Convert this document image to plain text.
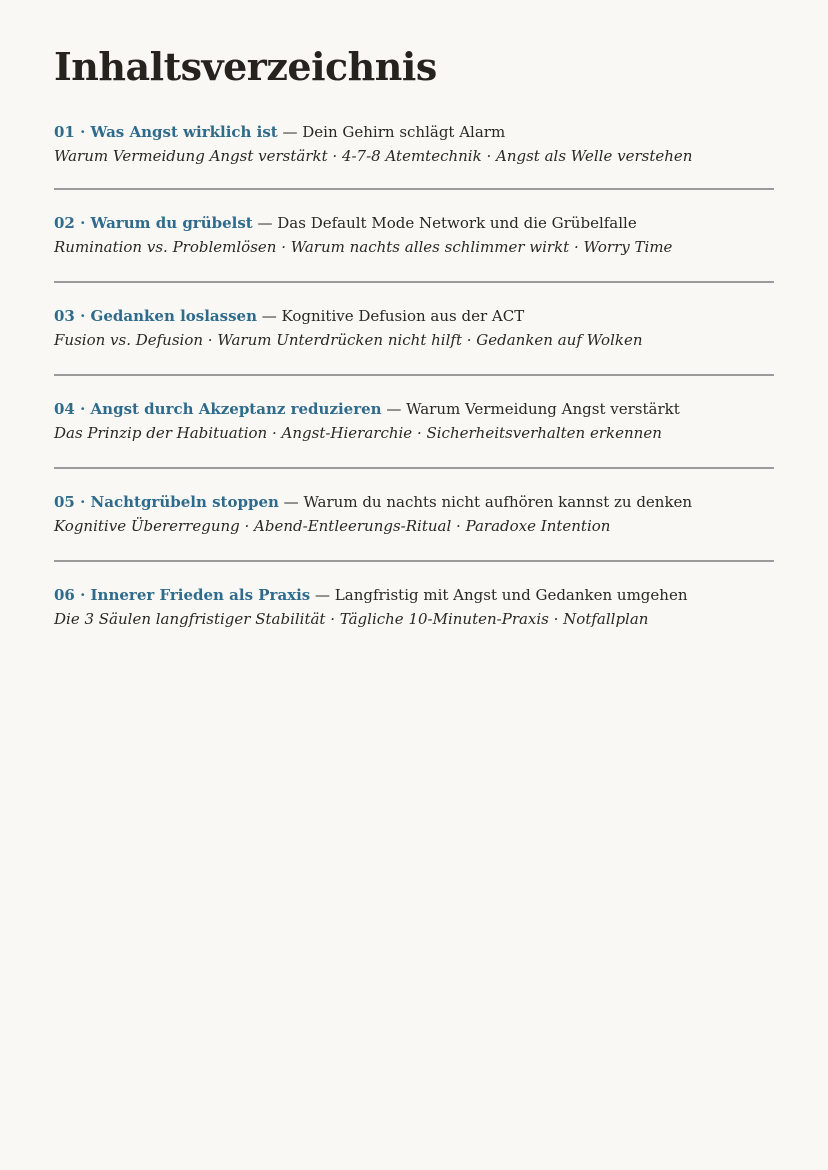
Inhaltsverzeichnis
01 · Was Angst wirklich ist — Dein Gehirn schlägt Alarm
Warum Vermeidung Angst verstärkt · 4-7-8 Atemtechnik · Angst als Welle verstehen
02 · Warum du grübelst — Das Default Mode Network und die Grübelfalle
Rumination vs. Problemlösen · Warum nachts alles schlimmer wirkt · Worry Time
03 · Gedanken loslassen — Kognitive Defusion aus der ACT
Fusion vs. Defusion · Warum Unterdrücken nicht hilft · Gedanken auf Wolken
04 · Angst durch Akzeptanz reduzieren — Warum Vermeidung Angst verstärkt
Das Prinzip der Habituation · Angst-Hierarchie · Sicherheitsverhalten erkennen
05 · Nachtgrübeln stoppen — Warum du nachts nicht aufhören kannst zu denken
Kognitive Übererregung · Abend-Entleerungs-Ritual · Paradoxe Intention
06 · Innerer Frieden als Praxis — Langfristig mit Angst und Gedanken umgehen
Die 3 Säulen langfristiger Stabilität · Tägliche 10-Minuten-Praxis · Notfallplan
